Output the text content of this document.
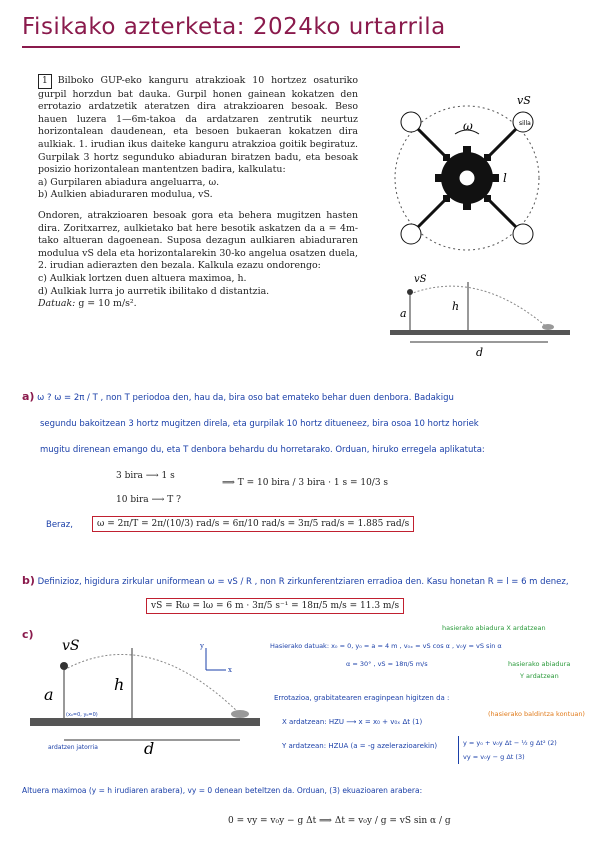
Fisikako azterketa: 2024ko urtarrila

1 Bilboko GUP-eko kanguru atrakzioak 10 hortzez osaturiko gurpil horzdun bat dauka. Gurpil honen gainean kokatzen den errotazio ardatzetik ateratzen dira atrakzioaren besoak. Beso hauen luzera 1—6m-takoa da ardatzaren zentrutik neurtuz horizontalean daudenean, eta besoen bukaeran kokatzen dira aulkiak. 1. irudian ikus daiteke kanguru atrakzioa goitik begiratuz. Gurpilak 3 hortz segunduko abiaduran biratzen badu, eta besoak posizio horizontalean mantentzen badira, kalkulatu:

a) Gurpilaren abiadura angeluarra, ω.

b) Aulkien abiaduraren modulua, vS.

Ondoren, atrakzioaren besoak gora eta behera mugitzen hasten dira. Zoritxarrez, aulkietako bat here besotik askatzen da a = 4m-tako altueran dagoenean. Suposa dezagun aulkiaren abiaduraren modulua vS dela eta horizontalarekin 30-ko angelua osatzen duela, 2. irudian adierazten den bezala. Kalkula ezazu ondorengo:

c) Aulkiak lortzen duen altuera maximoa, h.

d) Aulkiak lurra jo aurretik ibilitako d distantzia.

Datuak: g = 10 m/s².

silla
ω
vS
l
a
h
d
vS
a) ω ? ω = 2π / T , non T periodoa den, hau da, bira oso bat emateko behar duen denbora. Badakigu
segundu bakoitzean 3 hortz mugitzen direla, eta gurpilak 10 hortz ditueneez, bira osoa 10 hortz horiek
mugitu direnean emango du, eta T denbora behardu du horretarako. Orduan, hiruko erregela aplikatuta:
3 bira ⟶ 1 s
10 bira ⟶ T ?
⟹ T = 10 bira / 3 bira · 1 s = 10/3 s
Beraz,	ω = 2π/T = 2π/(10/3) rad/s = 6π/10 rad/s = 3π/5 rad/s = 1.885 rad/s
b) Definizioz, higidura zirkular uniformean ω = vS / R , non R zirkunferentziaren erradioa den. Kasu honetan R = l = 6 m denez,
vS = Rω = lω = 6 m · 3π/5 s⁻¹ = 18π/5 m/s = 11.3 m/s
c)
a
h
d
vS
(x₀=0, y₀=0)
y
x
ardatzen jatorria
Hasierako datuak: x₀ = 0, y₀ = a = 4 m , v₀ₓ = vS cos α , v₀y = vS sin α
α = 30° , vS = 18π/5 m/s
hasierako abiadura X ardatzean
hasierako abiadura
Y ardatzean
(hasierako baldintza kontuan)
Errotazioa, grabitatearen eraginpean higitzen da :
X ardatzean: HZU ⟶ x = x₀ + v₀ₓ Δt (1)
Y ardatzean: HZUA (a = -g azelerazioarekin)	y = y₀ + v₀y Δt − ½ g Δt² (2)
vy = v₀y − g Δt (3)
Altuera maximoa (y = h irudiaren arabera), vy = 0 denean beteltzen da. Orduan, (3) ekuazioaren arabera:
0 = vy = v₀y − g Δt ⟹ Δt = v₀y / g = vS sin α / g
